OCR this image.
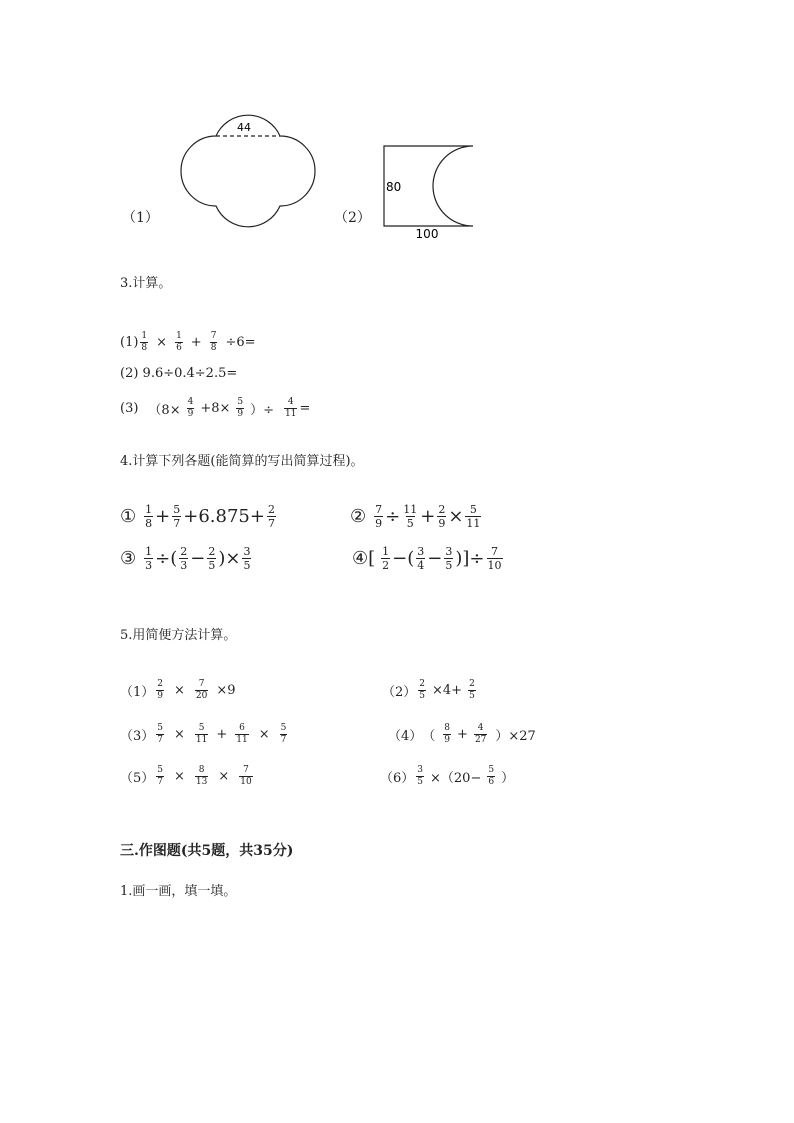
44
（1）
80
100
（2）
3.计算。
$(1) \frac{1}{8} \times \frac{1}{6} + \frac{7}{8} \div 6=$
(2) 9.6÷0.4÷2.5=
(3) （$8\times \frac{4}{9} +8\times \frac{5}{9}$ ）÷ $\frac{4}{11}$ =
4.计算下列各题(能简算的写出简算过程)。
① $\frac{1}{8} + \frac{5}{7} +6.875+ \frac{2}{7}$	② $\frac{7}{9} \div \frac{11}{5} + \frac{2}{9} \times \frac{5}{11}$
③ $\frac{1}{3}$ ÷( $\frac{2}{3} - \frac{2}{5}$ )× $\frac{3}{5}$	④[ $\frac{1}{2}$ −( $\frac{3}{4} - \frac{3}{5}$ )]÷ $\frac{7}{10}$
5.用简便方法计算。
$(1) \frac{2}{9} \times \frac{7}{20} \times 9$	$(2) \frac{2}{5} \times 4+ \frac{2}{5}$
$(3) \frac{5}{7} \times \frac{5}{11} + \frac{6}{11} \times \frac{5}{7}$	（4） （ $\frac{8}{9} + \frac{4}{27} )\times 27$
$(5) \frac{5}{7} \times \frac{8}{13} \times \frac{7}{10}$	$(6) \frac{3}{5} \times(20- \frac{5}{6}$ ）
三.作图题(共5题，共35分)
1.画一画，填一填。
